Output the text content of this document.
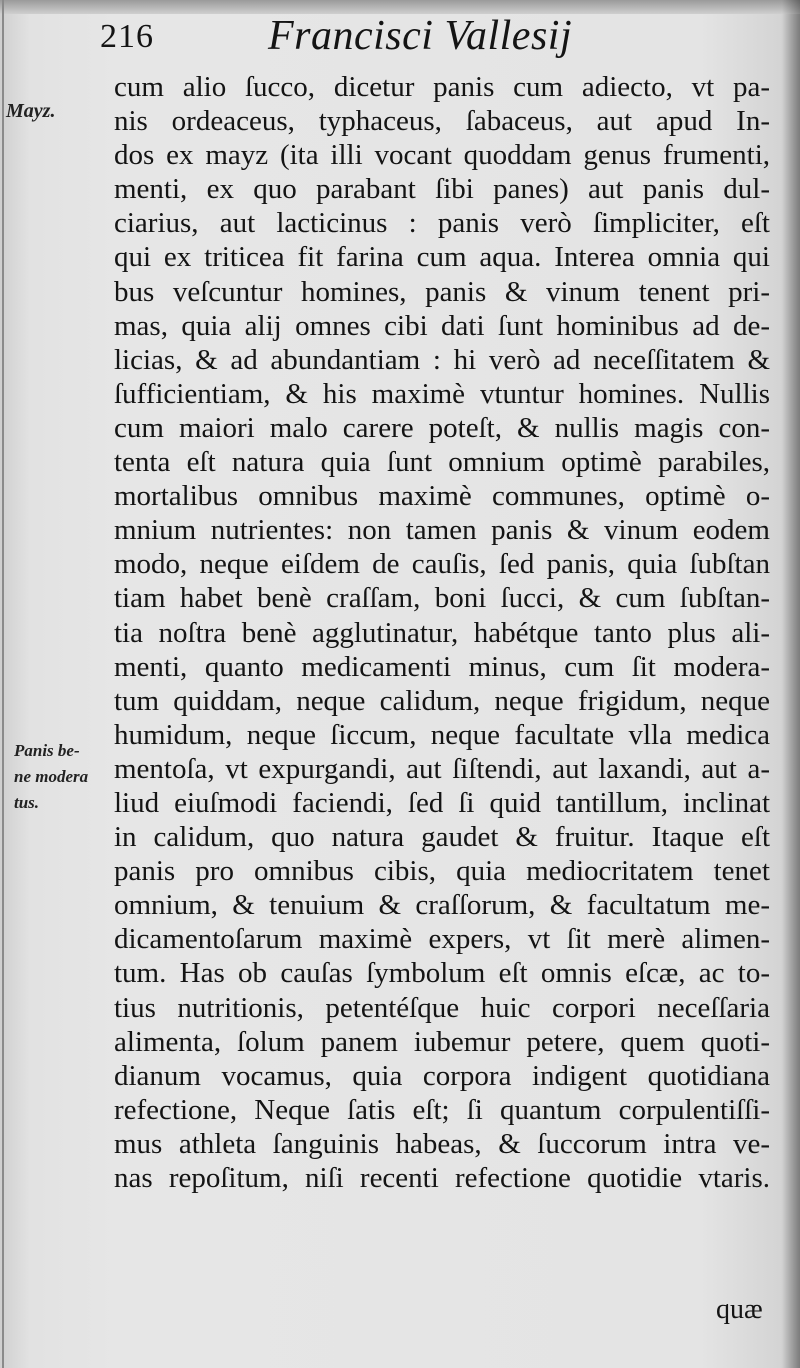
216	Francisci Vallesij
Mayz.
Panis be-
ne modera
tus.
cum alio ſucco, dicetur panis cum adiecto, vt pa-
nis ordeaceus, typhaceus, ſabaceus, aut apud In-
dos ex mayz (ita illi vocant quoddam genus frumenti,
menti, ex quo parabant ſibi panes) aut panis dul-
ciarius, aut lacticinus : panis verò ſimpliciter, eſt
qui ex triticea fit farina cum aqua. Interea omnia qui
bus veſcuntur homines, panis & vinum tenent pri-
mas, quia alij omnes cibi dati ſunt hominibus ad de-
licias, & ad abundantiam : hi verò ad neceſſitatem &
ſufficientiam, & his maximè vtuntur homines. Nullis
cum maiori malo carere poteſt, & nullis magis con-
tenta eſt natura quia ſunt omnium optimè parabiles,
mortalibus omnibus maximè communes, optimè o-
mnium nutrientes: non tamen panis & vinum eodem
modo, neque eiſdem de cauſis, ſed panis, quia ſubſtan
tiam habet benè craſſam, boni ſucci, & cum ſubſtan-
tia noſtra benè agglutinatur, habétque tanto plus ali-
menti, quanto medicamenti minus, cum ſit modera-
tum quiddam, neque calidum, neque frigidum, neque
humidum, neque ſiccum, neque facultate vlla medica
mentoſa, vt expurgandi, aut ſiſtendi, aut laxandi, aut a-
liud eiuſmodi faciendi, ſed ſi quid tantillum, inclinat
in calidum, quo natura gaudet & fruitur. Itaque eſt
panis pro omnibus cibis, quia mediocritatem tenet
omnium, & tenuium & craſſorum, & facultatum me-
dicamentoſarum maximè expers, vt ſit merè alimen-
tum. Has ob cauſas ſymbolum eſt omnis eſcæ, ac to-
tius nutritionis, petentéſque huic corpori neceſſaria
alimenta, ſolum panem iubemur petere, quem quoti-
dianum vocamus, quia corpora indigent quotidiana
refectione, Neque ſatis eſt; ſi quantum corpulentiſſi-
mus athleta ſanguinis habeas, & ſuccorum intra ve-
nas repoſitum, niſi recenti refectione quotidie vtaris.
quæ
